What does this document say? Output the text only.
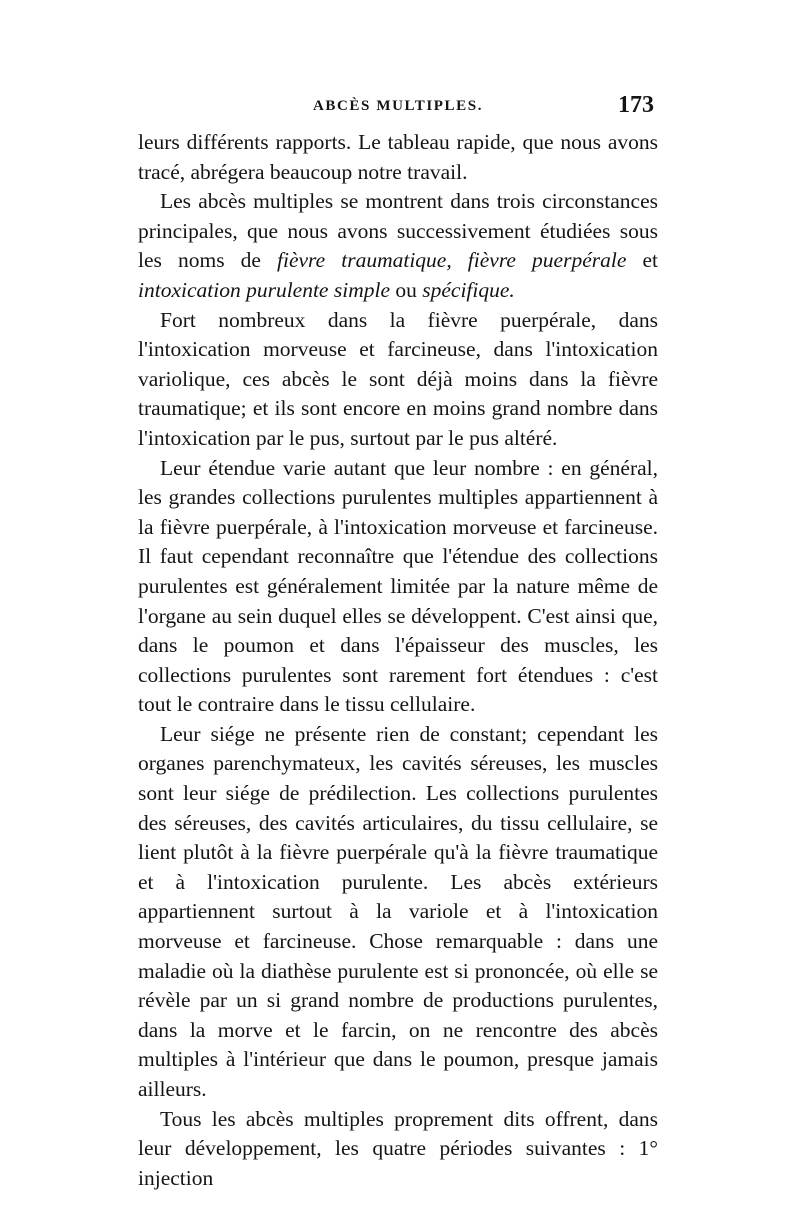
ABCÈS MULTIPLES.	173

leurs différents rapports. Le tableau rapide, que nous avons tracé, abrégera beaucoup notre travail.

Les abcès multiples se montrent dans trois circonstances principales, que nous avons successivement étudiées sous les noms de fièvre traumatique, fièvre puerpérale et intoxication purulente simple ou spécifique.

Fort nombreux dans la fièvre puerpérale, dans l'intoxication morveuse et farcineuse, dans l'intoxication variolique, ces abcès le sont déjà moins dans la fièvre traumatique; et ils sont encore en moins grand nombre dans l'intoxication par le pus, surtout par le pus altéré.

Leur étendue varie autant que leur nombre : en général, les grandes collections purulentes multiples appartiennent à la fièvre puerpérale, à l'intoxication morveuse et farcineuse. Il faut cependant reconnaître que l'étendue des collections purulentes est généralement limitée par la nature même de l'organe au sein duquel elles se développent. C'est ainsi que, dans le poumon et dans l'épaisseur des muscles, les collections purulentes sont rarement fort étendues : c'est tout le contraire dans le tissu cellulaire.

Leur siége ne présente rien de constant; cependant les organes parenchymateux, les cavités séreuses, les muscles sont leur siége de prédilection. Les collections purulentes des séreuses, des cavités articulaires, du tissu cellulaire, se lient plutôt à la fièvre puerpérale qu'à la fièvre traumatique et à l'intoxication purulente. Les abcès extérieurs appartiennent surtout à la variole et à l'intoxication morveuse et farcineuse. Chose remarquable : dans une maladie où la diathèse purulente est si prononcée, où elle se révèle par un si grand nombre de productions purulentes, dans la morve et le farcin, on ne rencontre des abcès multiples à l'intérieur que dans le poumon, presque jamais ailleurs.

Tous les abcès multiples proprement dits offrent, dans leur développement, les quatre périodes suivantes : 1° injection
